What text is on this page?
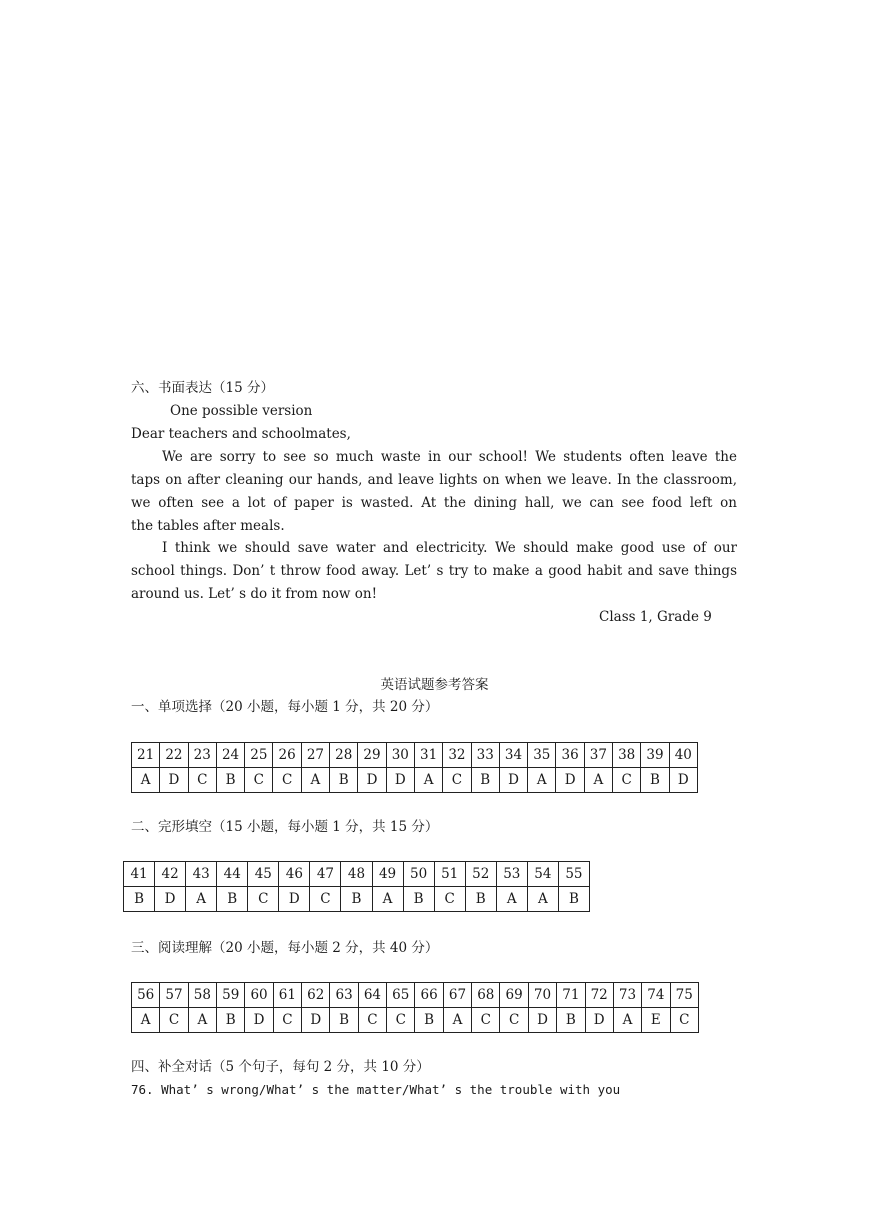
六、书面表达（15 分）
One possible version
Dear teachers and schoolmates,
We are sorry to see so much waste in our school! We students often leave the
taps on after cleaning our hands, and leave lights on when we leave. In the classroom,
we often see a lot of paper is wasted. At the dining hall, we can see food left on
the tables after meals.
I think we should save water and electricity. We should make good use of our
school things. Don’ t throw food away. Let’ s try to make a good habit and save things
around us. Let’ s do it from now on!
Class 1, Grade 9
英语试题参考答案
一、单项选择（20 小题，每小题 1 分，共 20 分）
21	22	23	24	25	26	27	28	29	30	31	32	33	34	35	36	37	38	39	40
A	D	C	B	C	C	A	B	D	D	A	C	B	D	A	D	A	C	B	D
二、完形填空（15 小题，每小题 1 分，共 15 分）
41	42	43	44	45	46	47	48	49	50	51	52	53	54	55
B	D	A	B	C	D	C	B	A	B	C	B	A	A	B
三、阅读理解（20 小题，每小题 2 分，共 40 分）
56	57	58	59	60	61	62	63	64	65	66	67	68	69	70	71	72	73	74	75
A	C	A	B	D	C	D	B	C	C	B	A	C	C	D	B	D	A	E	C
四、补全对话（5 个句子，每句 2 分，共 10 分）
76. What’ s wrong/What’ s the matter/What’ s the trouble with you
